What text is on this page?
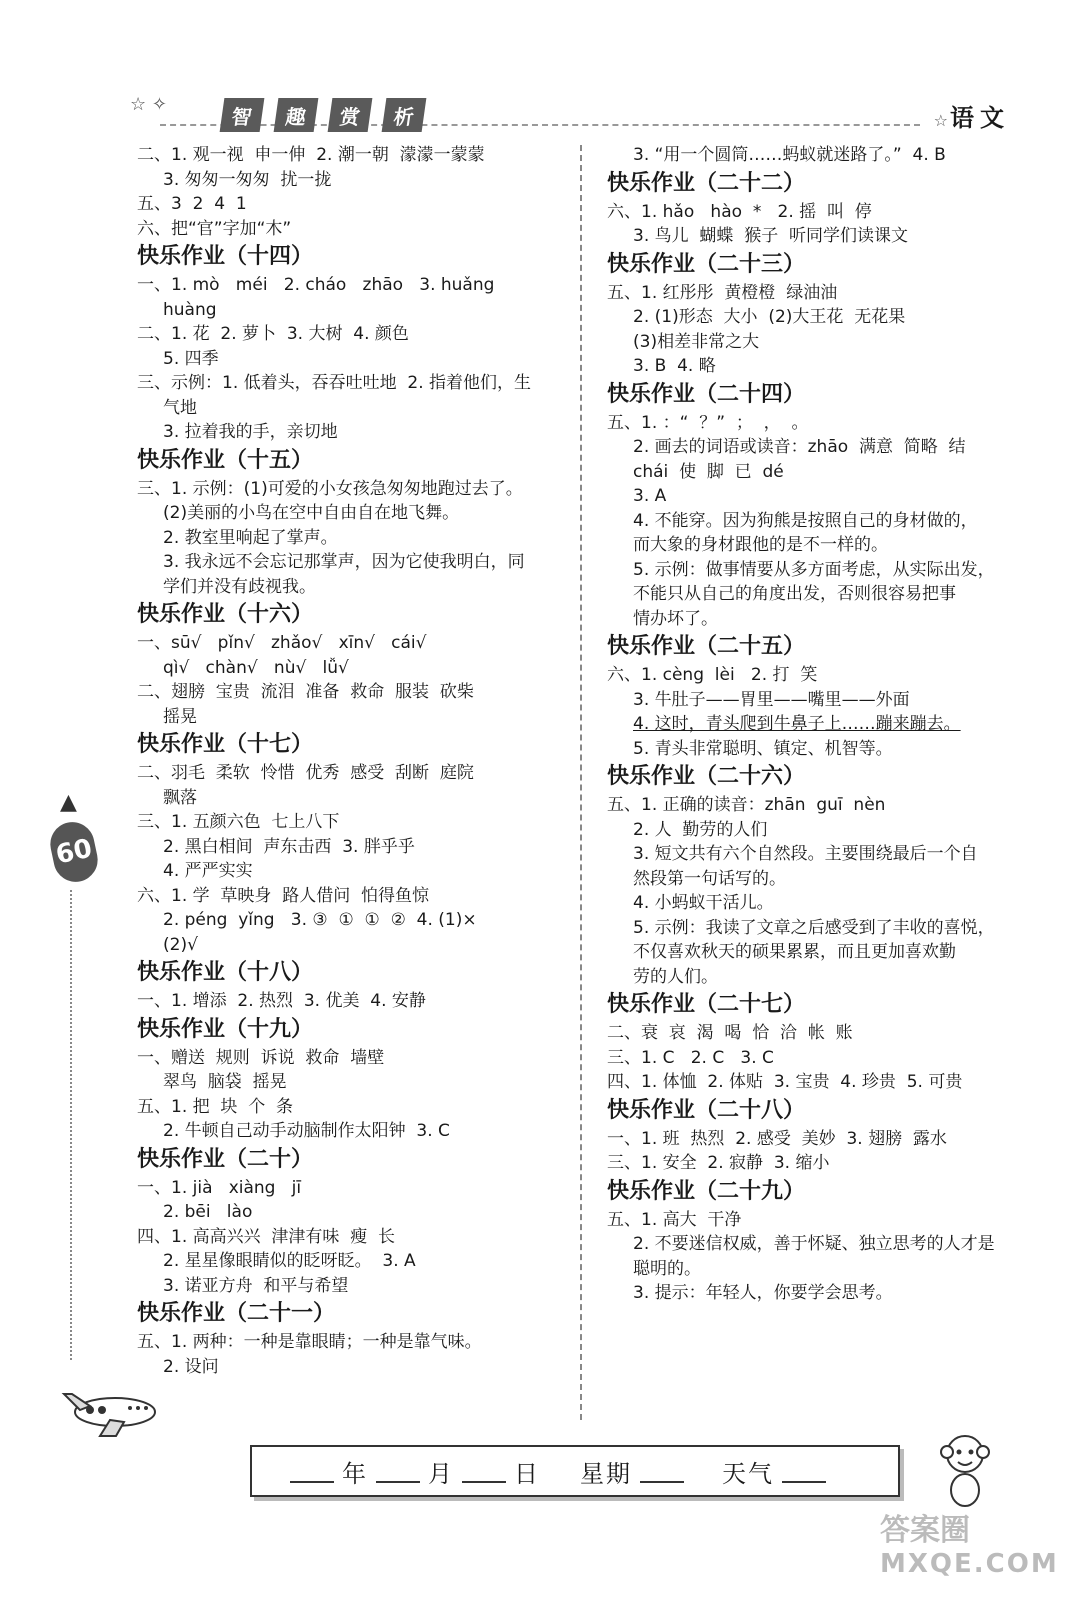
☆ ✧	智	趣	赏	析	☆语文
▲
60
二、1. 观一视  申一伸  2. 潮一朝  濛濛一蒙蒙
3. 匆匆一匆匆  扰一拢
五、3  2  4  1
六、把“官”字加“木”
快乐作业（十四）
一、1. mò   méi   2. cháo   zhāo   3. huǎng
huàng
二、1. 花  2. 萝卜  3. 大树  4. 颜色
5. 四季
三、示例：1. 低着头，吞吞吐吐地  2. 指着他们，生
气地
3. 拉着我的手，亲切地
快乐作业（十五）
三、1. 示例：(1)可爱的小女孩急匆匆地跑过去了。
(2)美丽的小鸟在空中自由自在地飞舞。
2. 教室里响起了掌声。
3. 我永远不会忘记那掌声，因为它使我明白，同
学们并没有歧视我。
快乐作业（十六）
一、sū√   pǐn√   zhǎo√   xīn√   cái√
qì√   chàn√   nù√   lǚ√
二、翅膀  宝贵  流泪  准备  救命  服装  砍柴
摇晃
快乐作业（十七）
二、羽毛  柔软  怜惜  优秀  感受  刮断  庭院
飘落
三、1. 五颜六色  七上八下
2. 黑白相间  声东击西  3. 胖乎乎
4. 严严实实
六、1. 学  草映身  路人借问  怕得鱼惊
2. péng  yǐng   3. ③  ①  ①  ②  4. (1)×
(2)√
快乐作业（十八）
一、1. 增添  2. 热烈  3. 优美  4. 安静
快乐作业（十九）
一、赠送  规则  诉说  救命  墙壁
翠鸟  脑袋  摇晃
五、1. 把  块  个  条
2. 牛顿自己动手动脑制作太阳钟  3. C
快乐作业（二十）
一、1. jià   xiàng   jī
2. bēi   lào
四、1. 高高兴兴  津津有味  瘦  长
2. 星星像眼睛似的眨呀眨。  3. A
3. 诺亚方舟  和平与希望
快乐作业（二十一）
五、1. 两种：一种是靠眼睛；一种是靠气味。
2. 设问
3. “用一个圆筒……蚂蚁就迷路了。”  4. B
快乐作业（二十二）
六、1. hǎo   hào  *   2. 摇  叫  停
3. 鸟儿  蝴蝶  猴子  听同学们读课文
快乐作业（二十三）
五、1. 红彤彤  黄橙橙  绿油油
2. (1)形态  大小  (2)大王花  无花果
(3)相差非常之大
3. B  4. 略
快乐作业（二十四）
五、1. ：“  ？”  ；  ，  。
2. 画去的词语或读音：zhāo  满意  简略  结
chái  使  脚  已  dé
3. A
4. 不能穿。因为狗熊是按照自己的身材做的，
而大象的身材跟他的是不一样的。
5. 示例：做事情要从多方面考虑，从实际出发，
不能只从自己的角度出发，否则很容易把事
情办坏了。
快乐作业（二十五）
六、1. cèng  lèi   2. 打  笑
3. 牛肚子——胃里——嘴里——外面
4. 这时，青头爬到牛鼻子上……蹦来蹦去。
5. 青头非常聪明、镇定、机智等。
快乐作业（二十六）
五、1. 正确的读音：zhān  guī  nèn
2. 人  勤劳的人们
3. 短文共有六个自然段。主要围绕最后一个自
然段第一句话写的。
4. 小蚂蚁干活儿。
5. 示例：我读了文章之后感受到了丰收的喜悦，
不仅喜欢秋天的硕果累累，而且更加喜欢勤
劳的人们。
快乐作业（二十七）
二、衰  哀  渴  喝  恰  洽  帐  账
三、1. C   2. C   3. C
四、1. 体恤  2. 体贴  3. 宝贵  4. 珍贵  5. 可贵
快乐作业（二十八）
一、1. 班  热烈  2. 感受  美妙  3. 翅膀  露水
三、1. 安全  2. 寂静  3. 缩小
快乐作业（二十九）
五、1. 高大  干净
2. 不要迷信权威，善于怀疑、独立思考的人才是
聪明的。
3. 提示：年轻人，你要学会思考。
年	月	日 星期	天气
答案圈
MXQE.COM
